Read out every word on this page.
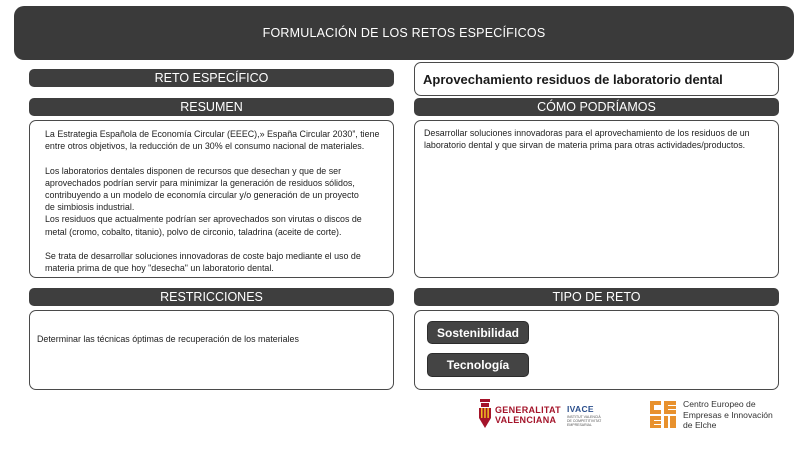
FORMULACIÓN DE LOS RETOS ESPECÍFICOS
RETO ESPECÍFICO	Aprovechamiento residuos de laboratorio dental
RESUMEN
La Estrategia Española de Economía Circular (EEEC),» España Circular 2030”, tiene
entre otros objetivos, la reducción de un 30% el consumo nacional de materiales.

Los laboratorios dentales disponen de recursos que desechan y que de ser
aprovechados podrían servir para minimizar la generación de residuos sólidos,
contribuyendo a un modelo de economía circular y/o generación de un proyecto
de simbiosis industrial.
Los residuos que actualmente podrían ser aprovechados son virutas o discos de
metal (cromo, cobalto, titanio), polvo de circonio, taladrina (aceite de corte).

Se trata de desarrollar soluciones innovadoras de coste bajo mediante el uso de
materia prima de que hoy "desecha" un laboratorio dental.
CÓMO PODRÍAMOS
Desarrollar soluciones innovadoras para el aprovechamiento de los residuos de un
laboratorio dental y que sirvan de materia prima para otras actividades/productos.
RESTRICCIONES
Determinar las técnicas óptimas de recuperación de los materiales
TIPO DE RETO
Sostenibilidad
Tecnología
GENERALITAT
VALENCIANA
IVACE
INSTITUT VALENCIÀ DE COMPETITIVITAT EMPRESARIAL
Centro Europeo de
Empresas e Innovación
de Elche
